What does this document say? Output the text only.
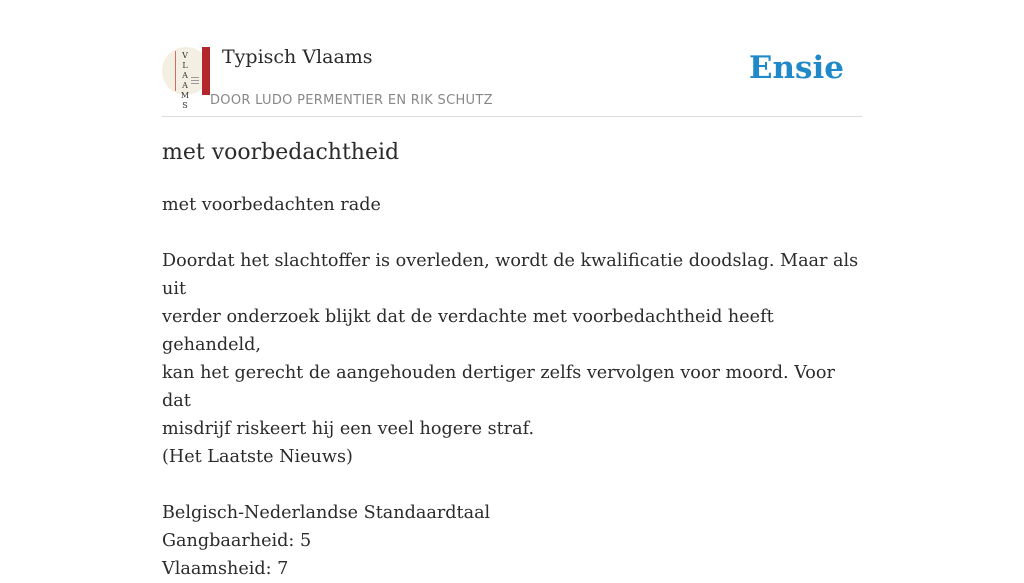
V
L
A
A
M
S
Typisch Vlaams
DOOR LUDO PERMENTIER EN RIK SCHUTZ
Ensie
met voorbedachtheid

met voorbedachten rade

Doordat het slachtoffer is overleden, wordt de kwalificatie doodslag. Maar als uit
verder onderzoek blijkt dat de verdachte met voorbedachtheid heeft gehandeld,
kan het gerecht de aangehouden dertiger zelfs vervolgen voor moord. Voor dat
misdrijf riskeert hij een veel hogere straf.

(Het Laatste Nieuws)

Belgisch-Nederlandse Standaardtaal

Gangbaarheid: 5

Vlaamsheid: 7
